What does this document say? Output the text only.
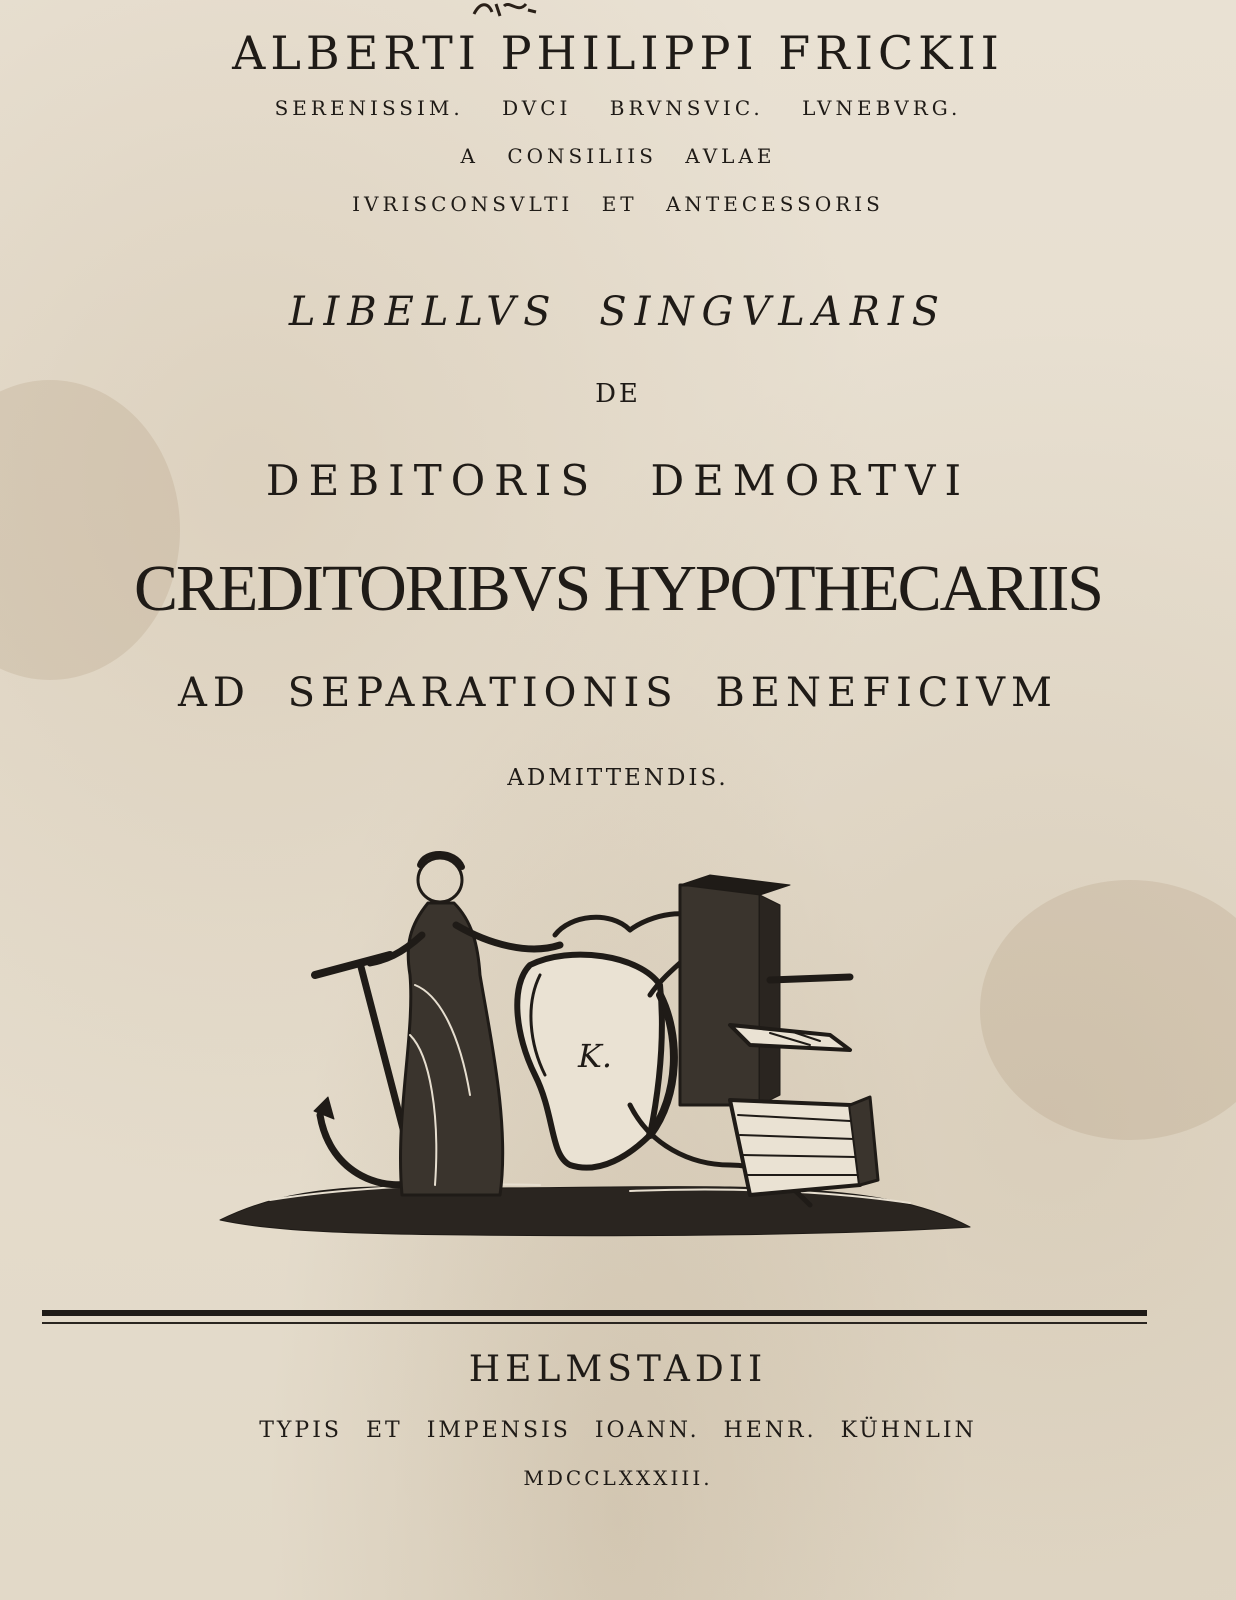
ALBERTI PHILIPPI FRICKII
SERENISSIM. DVCI BRVNSVIC. LVNEBVRG.
A CONSILIIS AVLAE
IVRISCONSVLTI ET ANTECESSORIS
LIBELLVS SINGVLARIS
DE
DEBITORIS DEMORTVI
CREDITORIBVS HYPOTHECARIIS
AD SEPARATIONIS BENEFICIVM
ADMITTENDIS.
K.
HELMSTADII
TYPIS ET IMPENSIS IOANN. HENR. KÜHNLIN
MDCCLXXXIII.
